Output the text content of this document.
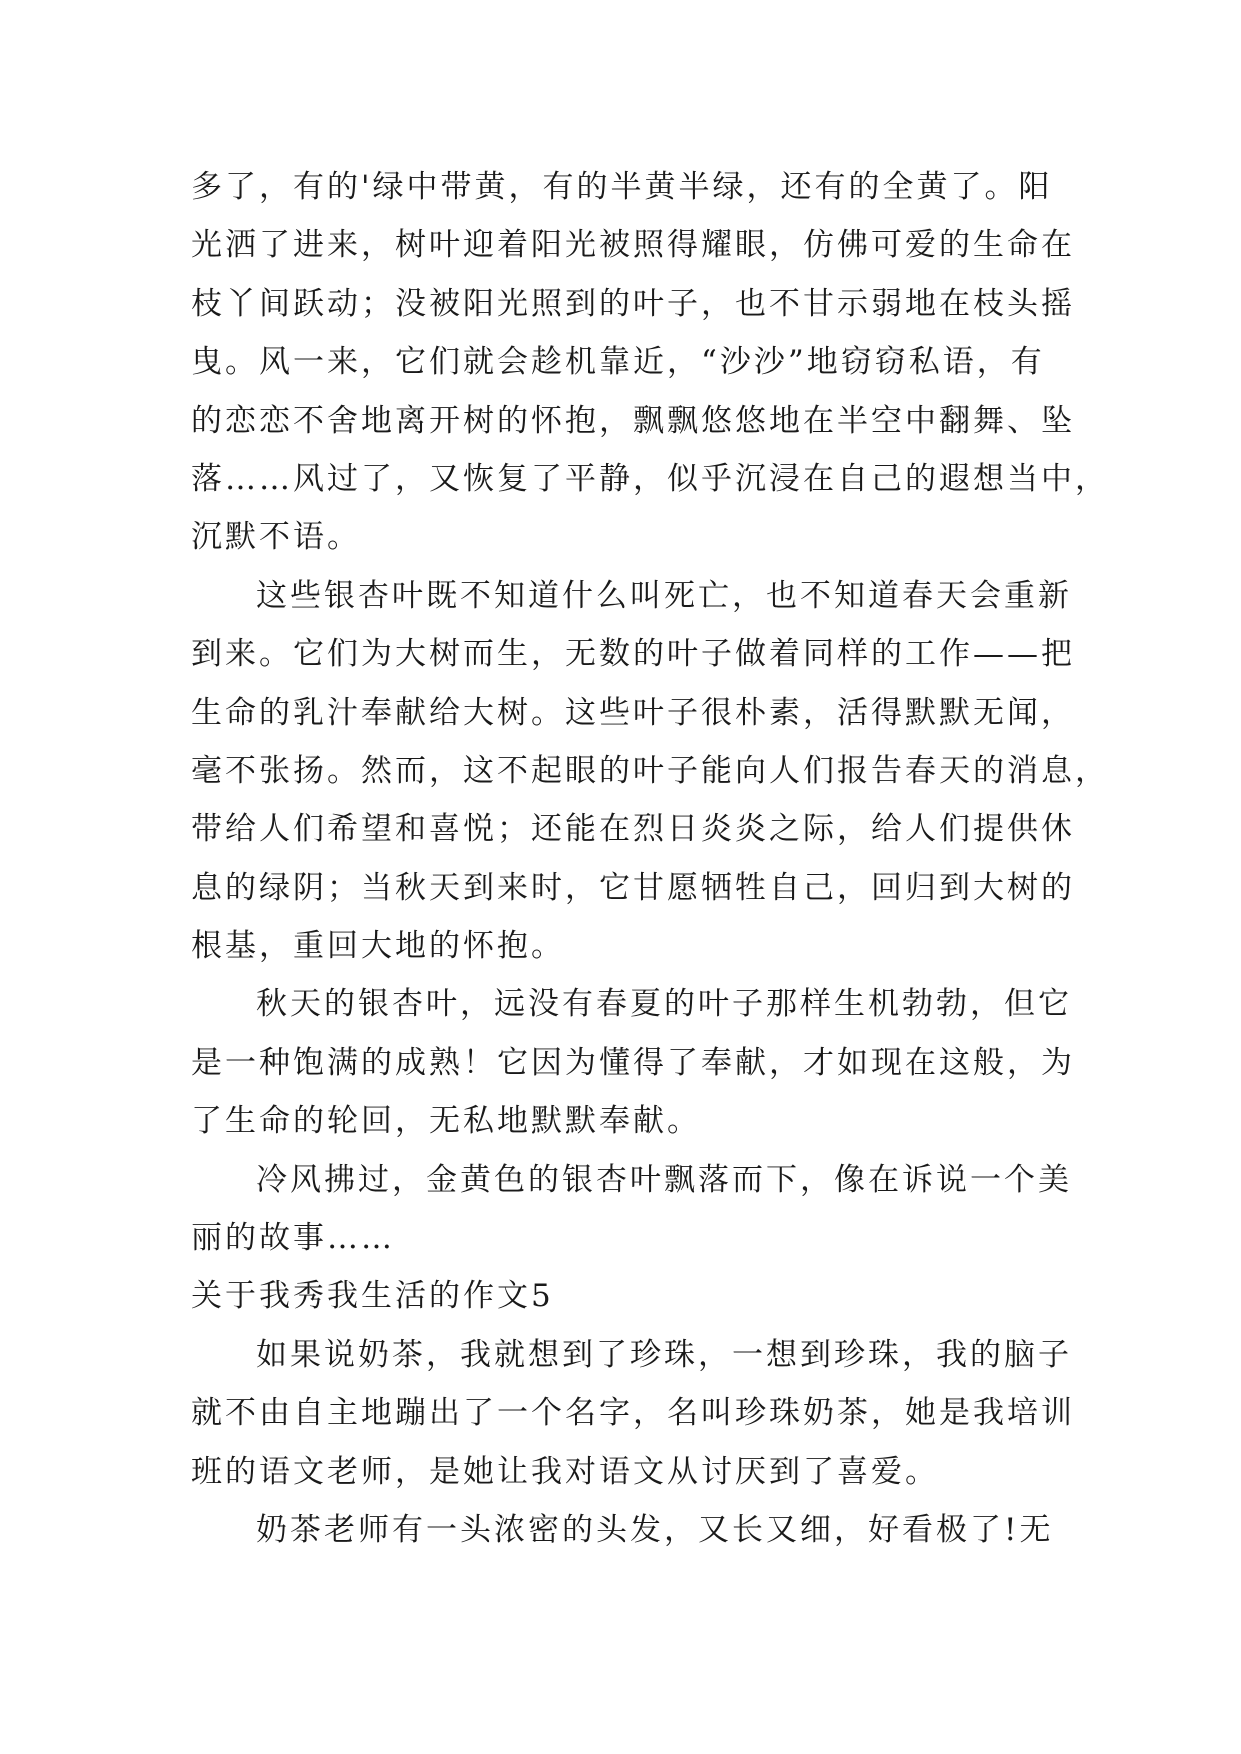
多了，有的'绿中带黄，有的半黄半绿，还有的全黄了。阳
光洒了进来，树叶迎着阳光被照得耀眼，仿佛可爱的生命在
枝丫间跃动；没被阳光照到的叶子，也不甘示弱地在枝头摇
曳。风一来，它们就会趁机靠近，“沙沙”地窃窃私语，有
的恋恋不舍地离开树的怀抱，飘飘悠悠地在半空中翻舞、坠
落……风过了，又恢复了平静，似乎沉浸在自己的遐想当中，
沉默不语。
这些银杏叶既不知道什么叫死亡，也不知道春天会重新
到来。它们为大树而生，无数的叶子做着同样的工作——把
生命的乳汁奉献给大树。这些叶子很朴素，活得默默无闻，
毫不张扬。然而，这不起眼的叶子能向人们报告春天的消息，
带给人们希望和喜悦；还能在烈日炎炎之际，给人们提供休
息的绿阴；当秋天到来时，它甘愿牺牲自己，回归到大树的
根基，重回大地的怀抱。
秋天的银杏叶，远没有春夏的叶子那样生机勃勃，但它
是一种饱满的成熟！它因为懂得了奉献，才如现在这般，为
了生命的轮回，无私地默默奉献。
冷风拂过，金黄色的银杏叶飘落而下，像在诉说一个美
丽的故事……
关于我秀我生活的作文5
如果说奶茶，我就想到了珍珠，一想到珍珠，我的脑子
就不由自主地蹦出了一个名字，名叫珍珠奶茶，她是我培训
班的语文老师，是她让我对语文从讨厌到了喜爱。
奶茶老师有一头浓密的头发，又长又细，好看极了!无
